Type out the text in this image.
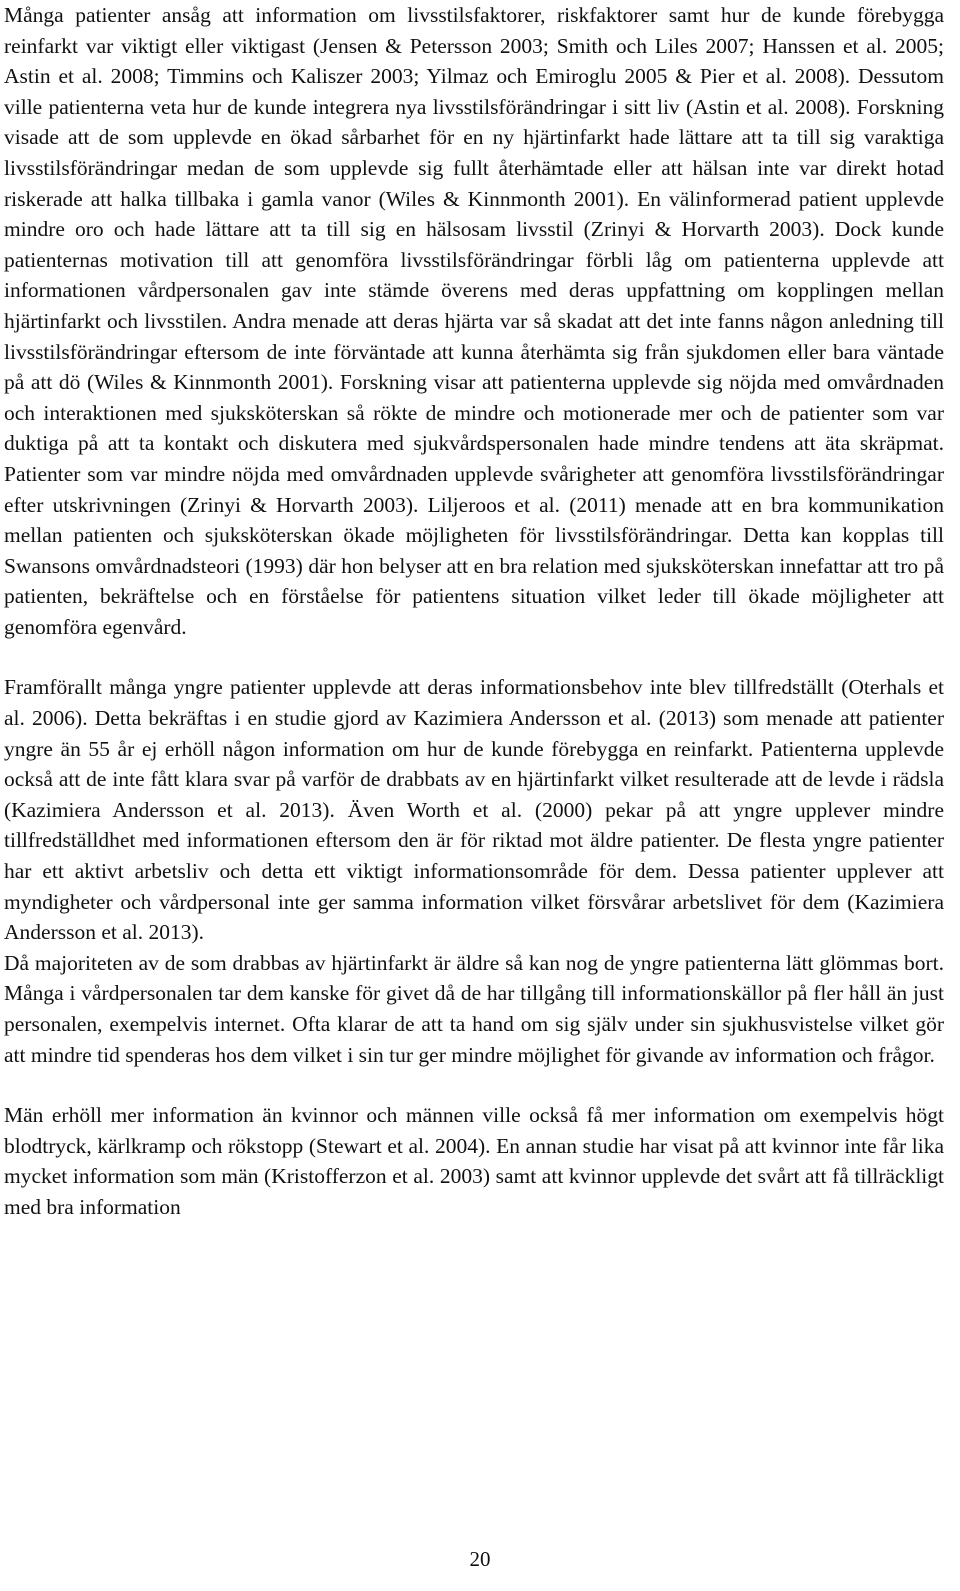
Många patienter ansåg att information om livsstilsfaktorer, riskfaktorer samt hur de kunde förebygga reinfarkt var viktigt eller viktigast (Jensen & Petersson 2003; Smith och Liles 2007; Hanssen et al. 2005; Astin et al. 2008; Timmins och Kaliszer 2003; Yilmaz och Emiroglu 2005 & Pier et al. 2008). Dessutom ville patienterna veta hur de kunde integrera nya livsstilsförändringar i sitt liv (Astin et al. 2008). Forskning visade att de som upplevde en ökad sårbarhet för en ny hjärtinfarkt hade lättare att ta till sig varaktiga livsstilsförändringar medan de som upplevde sig fullt återhämtade eller att hälsan inte var direkt hotad riskerade att halka tillbaka i gamla vanor (Wiles & Kinnmonth 2001). En välinformerad patient upplevde mindre oro och hade lättare att ta till sig en hälsosam livsstil (Zrinyi & Horvarth 2003). Dock kunde patienternas motivation till att genomföra livsstilsförändringar förbli låg om patienterna upplevde att informationen vårdpersonalen gav inte stämde överens med deras uppfattning om kopplingen mellan hjärtinfarkt och livsstilen. Andra menade att deras hjärta var så skadat att det inte fanns någon anledning till livsstilsförändringar eftersom de inte förväntade att kunna återhämta sig från sjukdomen eller bara väntade på att dö (Wiles & Kinnmonth 2001). Forskning visar att patienterna upplevde sig nöjda med omvårdnaden och interaktionen med sjuksköterskan så rökte de mindre och motionerade mer och de patienter som var duktiga på att ta kontakt och diskutera med sjukvårdspersonalen hade mindre tendens att äta skräpmat. Patienter som var mindre nöjda med omvårdnaden upplevde svårigheter att genomföra livsstilsförändringar efter utskrivningen (Zrinyi & Horvarth 2003). Liljeroos et al. (2011) menade att en bra kommunikation mellan patienten och sjuksköterskan ökade möjligheten för livsstilsförändringar. Detta kan kopplas till Swansons omvårdnadsteori (1993) där hon belyser att en bra relation med sjuksköterskan innefattar att tro på patienten, bekräftelse och en förståelse för patientens situation vilket leder till ökade möjligheter att genomföra egenvård.

Framförallt många yngre patienter upplevde att deras informationsbehov inte blev tillfredställt (Oterhals et al. 2006). Detta bekräftas i en studie gjord av Kazimiera Andersson et al. (2013) som menade att patienter yngre än 55 år ej erhöll någon information om hur de kunde förebygga en reinfarkt. Patienterna upplevde också att de inte fått klara svar på varför de drabbats av en hjärtinfarkt vilket resulterade att de levde i rädsla (Kazimiera Andersson et al. 2013). Även Worth et al. (2000) pekar på att yngre upplever mindre tillfredställdhet med informationen eftersom den är för riktad mot äldre patienter. De flesta yngre patienter har ett aktivt arbetsliv och detta ett viktigt informationsområde för dem. Dessa patienter upplever att myndigheter och vårdpersonal inte ger samma information vilket försvårar arbetslivet för dem (Kazimiera Andersson et al. 2013).

Då majoriteten av de som drabbas av hjärtinfarkt är äldre så kan nog de yngre patienterna lätt glömmas bort. Många i vårdpersonalen tar dem kanske för givet då de har tillgång till informationskällor på fler håll än just personalen, exempelvis internet. Ofta klarar de att ta hand om sig själv under sin sjukhusvistelse vilket gör att mindre tid spenderas hos dem vilket i sin tur ger mindre möjlighet för givande av information och frågor.

Män erhöll mer information än kvinnor och männen ville också få mer information om exempelvis högt blodtryck, kärlkramp och rökstopp (Stewart et al. 2004). En annan studie har visat på att kvinnor inte får lika mycket information som män (Kristofferzon et al. 2003) samt att kvinnor upplevde det svårt att få tillräckligt med bra information

20
